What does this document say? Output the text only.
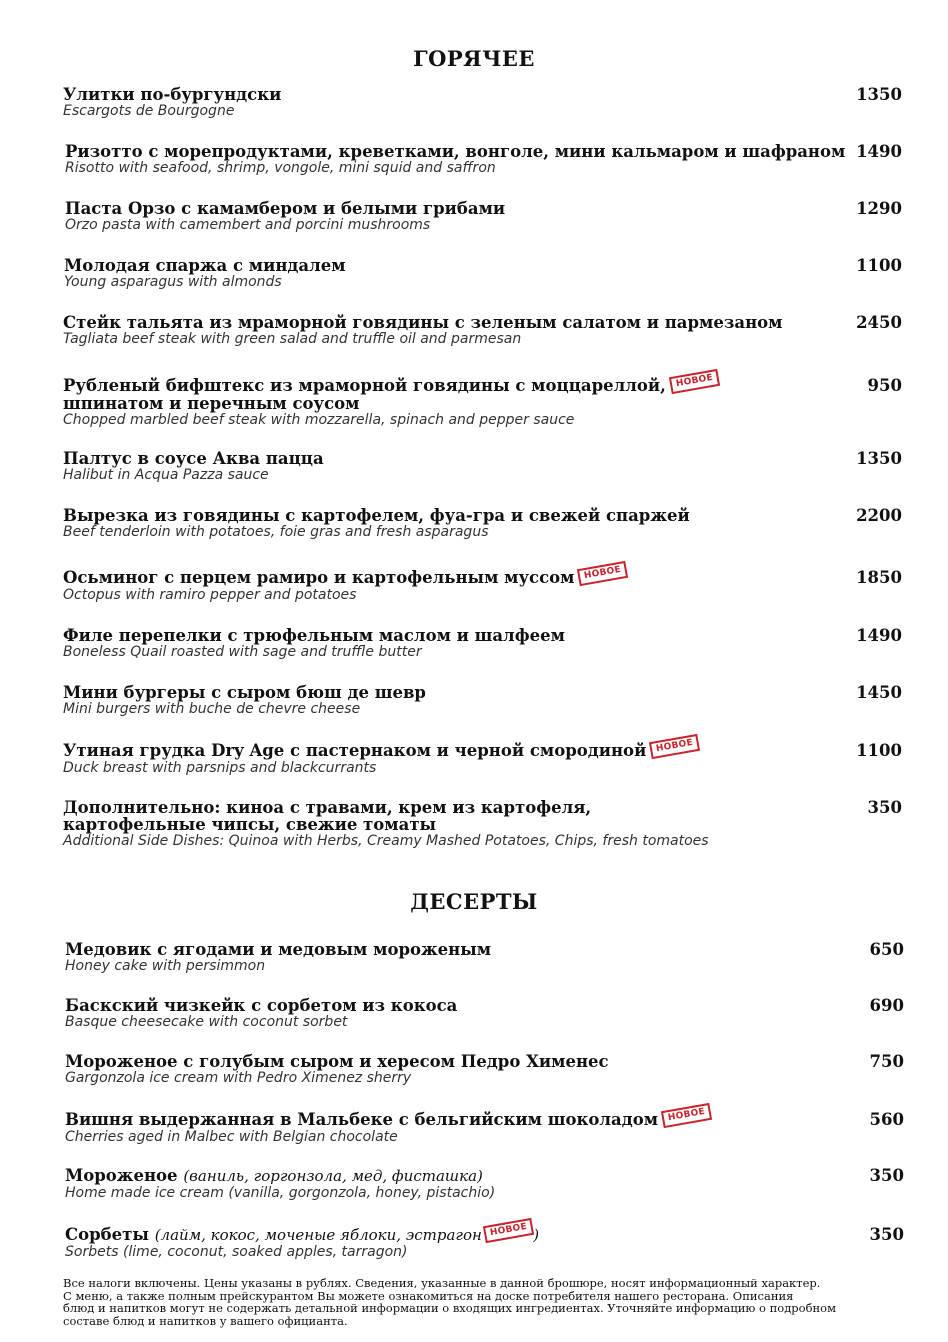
ГОРЯЧЕЕ
Улитки по-бургундски
Escargots de Bourgogne
1350
Ризотто с морепродуктами, креветками, вонголе, мини кальмаром и шафраном
Risotto with seafood, shrimp, vongole, mini squid and saffron
1490
Паста Орзо с камамбером и белыми грибами
Orzo pasta with camembert and porcini mushrooms
1290
Молодая спаржа с миндалем
Young asparagus with almonds
1100
Стейк тальята из мраморной говядины с зеленым салатом и пармезаном
Tagliata beef steak with green salad and truffle oil and parmesan
2450
Рубленый бифштекс из мраморной говядины с моццареллой, НОВОЕ
шпинатом и перечным соусом
Chopped marbled beef steak with mozzarella, spinach and pepper sauce
950
Палтус в соусе Аква пацца
Halibut in Acqua Pazza sauce
1350
Вырезка из говядины с картофелем, фуа-гра и свежей спаржей
Beef tenderloin with potatoes, foie gras and fresh asparagus
2200
Осьминог с перцем рамиро и картофельным муссом НОВОЕ
Octopus with ramiro pepper and potatoes
1850
Филе перепелки с трюфельным маслом и шалфеем
Boneless Quail roasted with sage and truffle butter
1490
Мини бургеры с сыром бюш де шевр
Mini burgers with buche de chevre cheese
1450
Утиная грудка Dry Age с пастернаком и черной смородиной НОВОЕ
Duck breast with parsnips and blackcurrants
1100
Дополнительно: киноа с травами, крем из картофеля,
картофельные чипсы, свежие томаты
Additional Side Dishes: Quinoa with Herbs, Creamy Mashed Potatoes, Chips, fresh tomatoes
350
ДЕСЕРТЫ
Медовик с ягодами и медовым мороженым
Honey cake with persimmon
650
Баскский чизкейк с сорбетом из кокоса
Basque cheesecake with coconut sorbet
690
Мороженое с голубым сыром и хересом Педро Хименес
Gargonzola ice cream with Pedro Ximenez sherry
750
Вишня выдержанная в Мальбеке с бельгийским шоколадом НОВОЕ
Cherries aged in Malbec with Belgian chocolate
560
Мороженое (ваниль, горгонзола, мед, фисташка)
Home made ice cream (vanilla, gorgonzola, honey, pistachio)
350
Сорбеты (лайм, кокос, моченые яблоки, эстрагон НОВОЕ )
Sorbets (lime, coconut, soaked apples, tarragon)
350
Все налоги включены. Цены указаны в рублях. Сведения, указанные в данной брошюре, носят информационный характер.
С меню, а также полным прейскурантом Вы можете ознакомиться на доске потребителя нашего ресторана. Описания
блюд и напитков могут не содержать детальной информации о входящих ингредиентах. Уточняйте информацию о подробном
составе блюд и напитков у вашего официанта.
